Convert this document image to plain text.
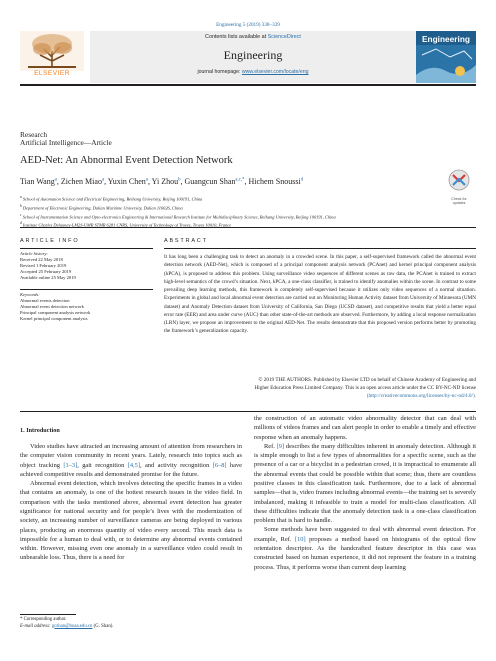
Engineering 5 (2019) 338–339
ELSEVIER
Contents lists available at ScienceDirect
Engineering
journal homepage: www.elsevier.com/locate/eng
Engineering
Research
Artificial Intelligence—Article
AED-Net: An Abnormal Event Detection Network
Tian Wang$^a$, Zichen Miao$^a$, Yuxin Chen$^a$, Yi Zhou$^b$, Guangcun Shan$^{a,c,*}$, Hichem Snoussi$^d$
Check for
updates
$^a$ School of Automation Science and Electrical Engineering, Beihang University, Beijing 100191, China
$^b$ Department of Electronic Engineering, Dalian Maritime University, Dalian 116026, China
$^c$ School of Instrumentation Science and Opto-electronics Engineering & International Research Institute for Multidisciplinary Science, Beihang University, Beijing 100191, China
$^d$ Institute Charles Delaunay-LM2S-UMR STMR 6281 CNRS, University of Technology of Troyes, Troyes 10010, France
ARTICLE INFO
Article history:
Received 22 May 2018
Revised 1 February 2019
Accepted 25 February 2019
Available online 25 May 2019
Keywords:
Abnormal events detection
Abnormal event detection network
Principal component analysis network
Kernel principal component analysis
ABSTRACT
It has long been a challenging task to detect an anomaly in a crowded scene. In this paper, a self-supervised framework called the abnormal event detection network (AED-Net), which is composed of a principal component analysis network (PCAnet) and kernel principal component analysis (kPCA), is proposed to address this problem. Using surveillance video sequences of different scenes as raw data, the PCAnet is trained to extract high-level semantics of the crowd’s situation. Next, kPCA, a one-class classifier, is trained to identify anomalies within the scene. In contrast to some prevailing deep learning methods, this framework is completely self-supervised because it utilizes only video sequences of a normal situation. Experiments in global and local abnormal event detection are carried out on Monitoring Human Activity dataset from University of Minnesota (UMN dataset) and Anomaly Detection dataset from University of California, San Diego (UCSD dataset), and competitive results that yield a better equal error rate (EER) and area under curve (AUC) than other state-of-the-art methods are observed. Furthermore, by adding a local response normalization (LRN) layer, we propose an improvement to the original AED-Net. The results demonstrate that this proposed version performs better by promoting the framework’s generalization capacity.
© 2019 THE AUTHORS. Published by Elsevier LTD on behalf of Chinese Academy of Engineering and
Higher Education Press Limited Company. This is an open access article under the CC BY-NC-ND license
(http://creativecommons.org/licenses/by-nc-nd/4.0/).
1. Introduction

Video studies have attracted an increasing amount of attention from researchers in the computer vision community in recent years. Lately, research into topics such as object tracking [1–3], gait recognition [4,5], and activity recognition [6–8] have achieved competitive results and demonstrated promise for the future.

Abnormal event detection, which involves detecting the specific frames in a video that contains an anomaly, is one of the hottest research issues in the video field. In comparison with the tasks mentioned above, abnormal event detection has greater significance for national security and for people’s lives with the modernization of society, an increasing number of surveillance cameras are being deployed in various places, producing an enormous quantity of video every second. This much data is impossible for a human to deal with, or to determine any abnormal events contained within. However, missing even one anomaly in a surveillance video could result in unbearable loss. Thus, there is a need for

the construction of an automatic video abnormality detector that can deal with millions of videos frames and can alert people in order to enable a timely and effective response when an anomaly happens.

Ref. [9] describes the many difficulties inherent in anomaly detection. Although it is simple enough to list a few types of abnormalities for a specific scene, such as the presence of a car or a bicyclist in a pedestrian crowd, it is impractical to enumerate all the abnormal events that could be possible within that scene; thus, there are countless positive classes in this classification task. Furthermore, due to a lack of abnormal samples—that is, video frames including abnormal events—the training set is severely imbalanced, making it infeasible to train a model for multi-class classification. All these difficulties indicate that the anomaly detection task is a one-class classification problem that is hard to handle.

Some methods have been suggested to deal with abnormal event detection. For example, Ref. [10] proposes a method based on histograms of the optical flow orientation descriptor. As the handcrafted feature descriptor in this case was constructed based on human experience, it did not represent the feature in a training process. Thus, it performs worse than current deep learning

* Corresponding author.
E-mail address: gcshan@buaa.edu.cn (G. Shan).
